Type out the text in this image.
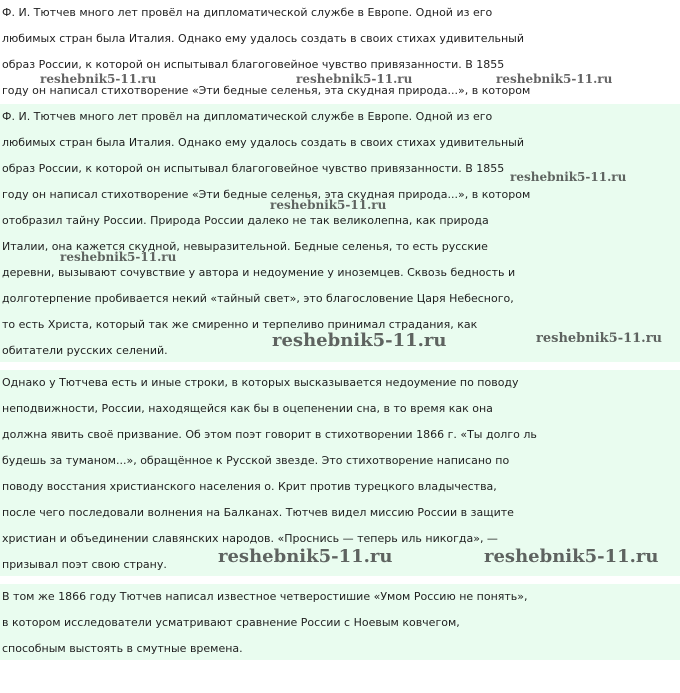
Ф. И. Тютчев много лет провёл на дипломатической службе в Европе. Одной из его
любимых стран была Италия. Однако ему удалось создать в своих стихах удивительный
образ России, к которой он испытывал благоговейное чувство привязанности. В 1855
году он написал стихотворение «Эти бедные селенья, эта скудная природа...», в котором
Ф. И. Тютчев много лет провёл на дипломатической службе в Европе. Одной из его
любимых стран была Италия. Однако ему удалось создать в своих стихах удивительный
образ России, к которой он испытывал благоговейное чувство привязанности. В 1855
году он написал стихотворение «Эти бедные селенья, эта скудная природа...», в котором
отобразил тайну России. Природа России далеко не так великолепна, как природа
Италии, она кажется скудной, невыразительной. Бедные селенья, то есть русские
деревни, вызывают сочувствие у автора и недоумение у иноземцев. Сквозь бедность и
долготерпение пробивается некий «тайный свет», это благословение Царя Небесного,
то есть Христа, который так же смиренно и терпеливо принимал страдания, как
обитатели русских селений.
Однако у Тютчева есть и иные строки, в которых высказывается недоумение по поводу
неподвижности, России, находящейся как бы в оцепенении сна, в то время как она
должна явить своё призвание. Об этом поэт говорит в стихотворении 1866 г. «Ты долго ль
будешь за туманом...», обращённое к Русской звезде. Это стихотворение написано по
поводу восстания христианского населения о. Крит против турецкого владычества,
после чего последовали волнения на Балканах. Тютчев видел миссию России в защите
христиан и объединении славянских народов. «Проснись — теперь иль никогда», —
призывал поэт свою страну.
В том же 1866 году Тютчев написал известное четверостишие «Умом Россию не понять»,
в котором исследователи усматривают сравнение России с Ноевым ковчегом,
способным выстоять в смутные времена.
reshebnik5-11.ru	reshebnik5-11.ru	reshebnik5-11.ru
reshebnik5-11.ru
reshebnik5-11.ru
reshebnik5-11.ru
reshebnik5-11.ru	reshebnik5-11.ru
reshebnik5-11.ru	reshebnik5-11.ru
